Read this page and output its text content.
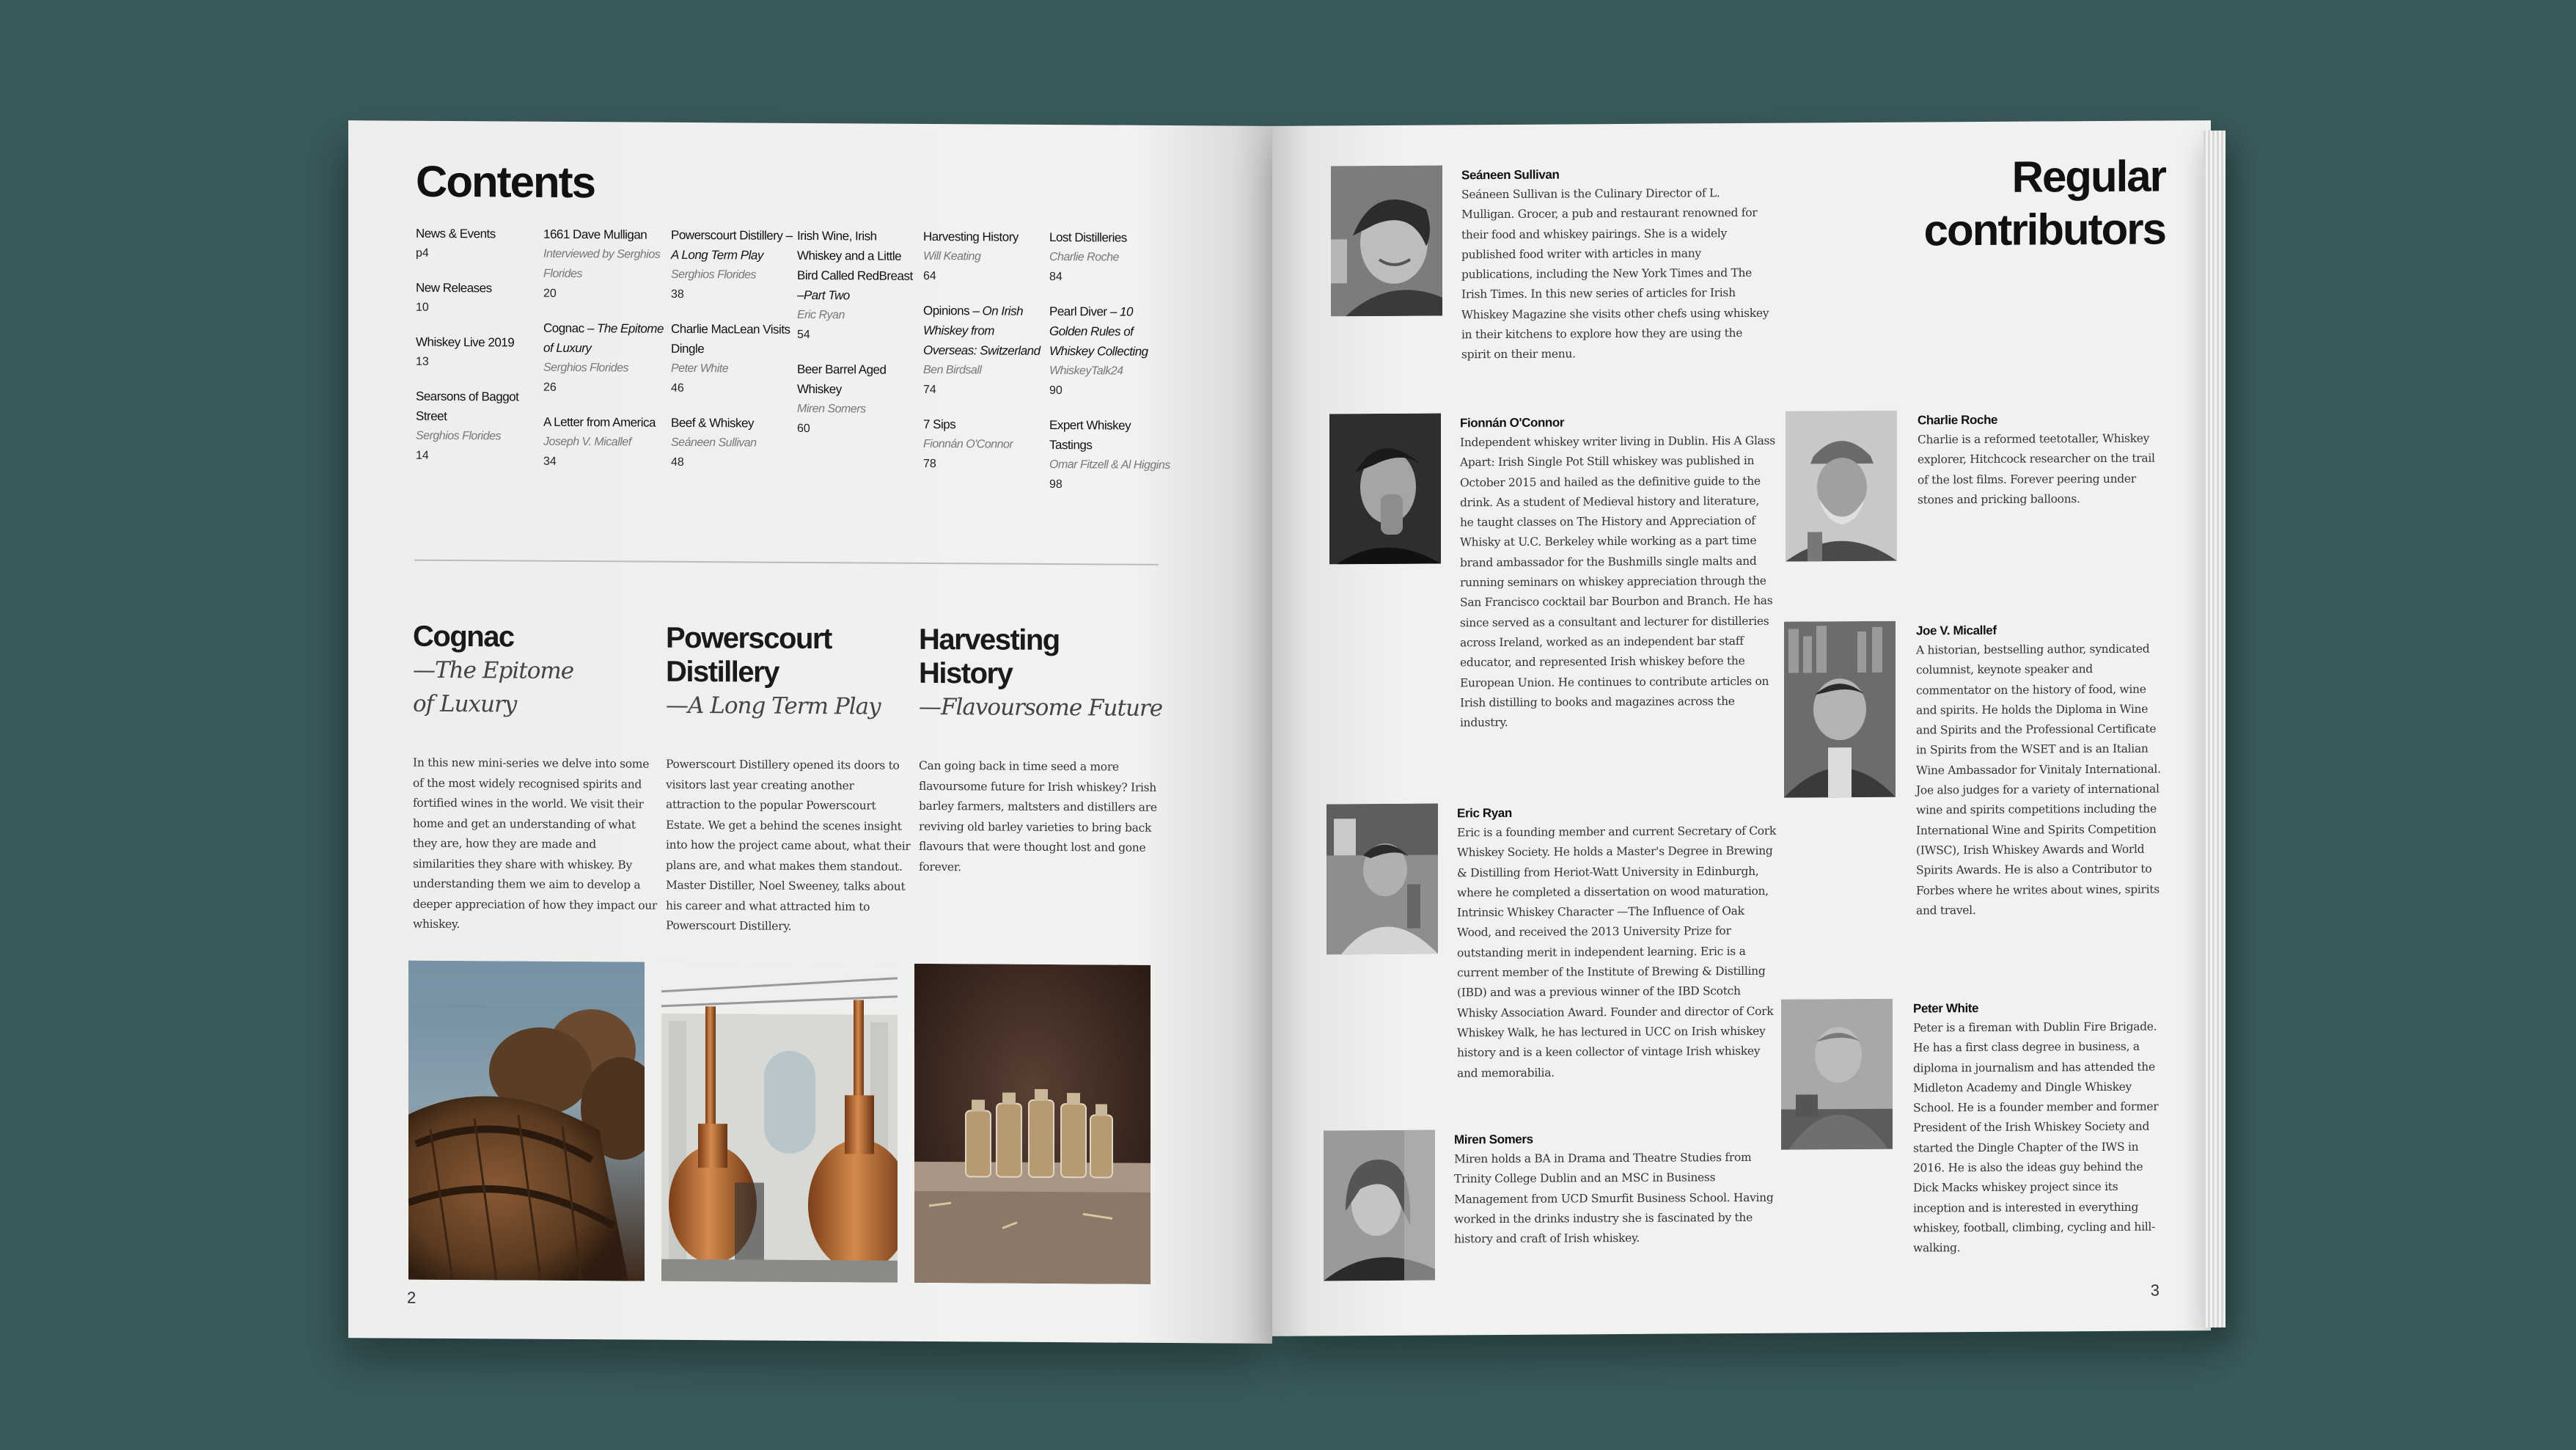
Contents
News & Events
p4
New Releases
10
Whiskey Live 2019
13
Searsons of Baggot Street
Serghios Florides
14
1661 Dave Mulligan
Interviewed by Serghios Florides
20
Cognac – The Epitome of Luxury
Serghios Florides
26
A Letter from America
Joseph V. Micallef
34
Powerscourt Distillery – A Long Term Play
Serghios Florides
38
Charlie MacLean Visits Dingle
Peter White
46
Beef & Whiskey
Seáneen Sullivan
48
Irish Wine, Irish Whiskey and a Little Bird Called RedBreast –Part Two
Eric Ryan
54
Beer Barrel Aged Whiskey
Miren Somers
60
Harvesting History
Will Keating
64
Opinions – On Irish Whiskey from Overseas: Switzerland
Ben Birdsall
74
7 Sips
Fionnán O'Connor
78
Lost Distilleries
Charlie Roche
84
Pearl Diver – 10 Golden Rules of Whiskey Collecting
WhiskeyTalk24
90
Expert Whiskey Tastings
Omar Fitzell & Al Higgins
98
Cognac
—The Epitome of Luxury
Powerscourt Distillery
—A Long Term Play
Harvesting History
—Flavoursome Future
In this new mini-series we delve into some of the most widely recognised spirits and fortified wines in the world. We visit their home and get an understanding of what they are, how they are made and similarities they share with whiskey. By understanding them we aim to develop a deeper appreciation of how they impact our whiskey.
Powerscourt Distillery opened its doors to visitors last year creating another attraction to the popular Powerscourt Estate. We get a behind the scenes insight into how the project came about, what their plans are, and what makes them standout. Master Distiller, Noel Sweeney, talks about his career and what attracted him to Powerscourt Distillery.
Can going back in time seed a more flavoursome future for Irish whiskey? Irish barley farmers, maltsters and distillers are reviving old barley varieties to bring back flavours that were thought lost and gone forever.
2
Regular
contributors
Seáneen Sullivan
Seáneen Sullivan is the Culinary Director of L. Mulligan. Grocer, a pub and restaurant renowned for their food and whiskey pairings. She is a widely published food writer with articles in many publications, including the New York Times and The Irish Times. In this new series of articles for Irish Whiskey Magazine she visits other chefs using whiskey in their kitchens to explore how they are using the spirit on their menu.
Fionnán O'Connor
Independent whiskey writer living in Dublin. His A Glass Apart: Irish Single Pot Still whiskey was published in October 2015 and hailed as the definitive guide to the drink. As a student of Medieval history and literature, he taught classes on The History and Appreciation of Whisky at U.C. Berkeley while working as a part time brand ambassador for the Bushmills single malts and running seminars on whiskey appreciation through the San Francisco cocktail bar Bourbon and Branch. He has since served as a consultant and lecturer for distilleries across Ireland, worked as an independent bar staff educator, and represented Irish whiskey before the European Union. He continues to contribute articles on Irish distilling to books and magazines across the industry.
Eric Ryan
Eric is a founding member and current Secretary of Cork Whiskey Society. He holds a Master's Degree in Brewing & Distilling from Heriot-Watt University in Edinburgh, where he completed a dissertation on wood maturation, Intrinsic Whiskey Character —The Influence of Oak Wood, and received the 2013 University Prize for outstanding merit in independent learning. Eric is a current member of the Institute of Brewing & Distilling (IBD) and was a previous winner of the IBD Scotch Whisky Association Award. Founder and director of Cork Whiskey Walk, he has lectured in UCC on Irish whiskey history and is a keen collector of vintage Irish whiskey and memorabilia.
Miren Somers
Miren holds a BA in Drama and Theatre Studies from Trinity College Dublin and an MSC in Business Management from UCD Smurfit Business School. Having worked in the drinks industry she is fascinated by the history and craft of Irish whiskey.
Charlie Roche
Charlie is a reformed teetotaller, Whiskey explorer, Hitchcock researcher on the trail of the lost films. Forever peering under stones and pricking balloons.
Joe V. Micallef
A historian, bestselling author, syndicated columnist, keynote speaker and commentator on the history of food, wine and spirits. He holds the Diploma in Wine and Spirits and the Professional Certificate in Spirits from the WSET and is an Italian Wine Ambassador for Vinitaly International. Joe also judges for a variety of international wine and spirits competitions including the International Wine and Spirits Competition (IWSC), Irish Whiskey Awards and World Spirits Awards. He is also a Contributor to Forbes where he writes about wines, spirits and travel.
Peter White
Peter is a fireman with Dublin Fire Brigade. He has a first class degree in business, a diploma in journalism and has attended the Midleton Academy and Dingle Whiskey School. He is a founder member and former President of the Irish Whiskey Society and started the Dingle Chapter of the IWS in 2016. He is also the ideas guy behind the Dick Macks whiskey project since its inception and is interested in everything whiskey, football, climbing, cycling and hill-walking.
3
